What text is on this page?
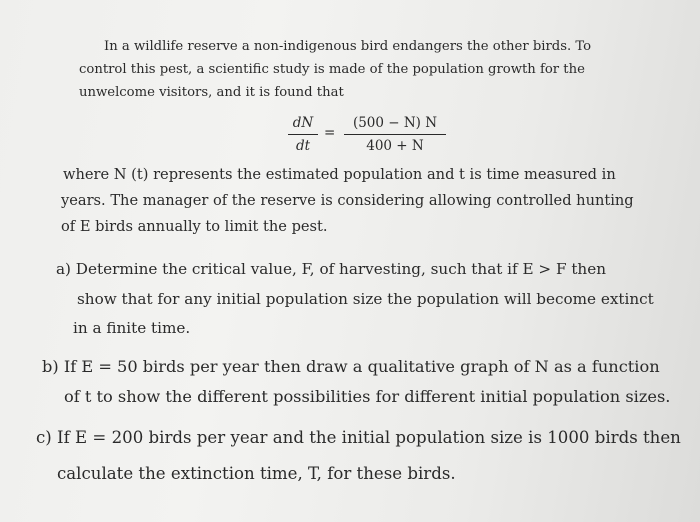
In a wildlife reserve a non-indigenous bird endangers the other birds. To
control this pest, a scientific study is made of the population growth for the
unwelcome visitors, and it is found that
dN
dt
=
(500 − N) N
400 + N
where N (t) represents the estimated population and t is time measured in
years. The manager of the reserve is considering allowing controlled hunting
of E birds annually to limit the pest.
a) Determine the critical value, F, of harvesting, such that if E > F then
show that for any initial population size the population will become extinct
in a finite time.
b) If E = 50 birds per year then draw a qualitative graph of N as a function
of t to show the different possibilities for different initial population sizes.
c) If E = 200 birds per year and the initial population size is 1000 birds then
calculate the extinction time, T, for these birds.
